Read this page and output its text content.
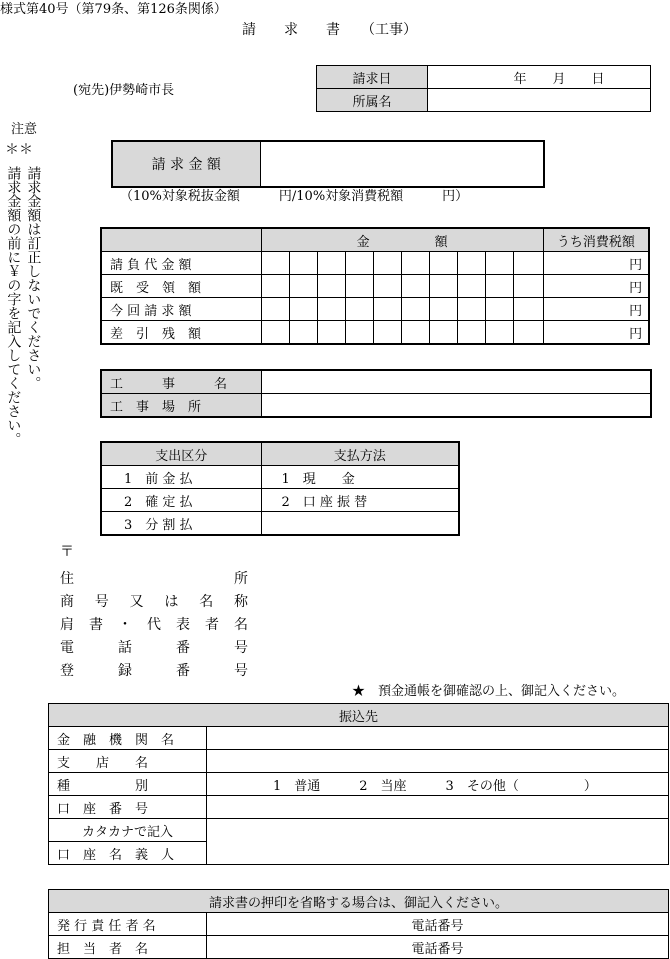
様式第40号（第79条、第126条関係）
請　　求　　書　　（工事）
(宛先)伊勢崎市長
請求日	年　　月　　日
所属名	
注意
＊＊
請求金額は訂正しないでください。
請求金額の前に￥の字を記入してください。
請 求 金 額	
（10%対象税抜金額　　　円/10%対象消費税額　　　円）
	金　　　　　額										うち消費税額
請 負 代 金 額											円
既　受　領　額											円
今 回 請 求 額											円
差　引　残　額											円
工　　　事　　　名	
工　事　場　所	
支出区分	支払方法
1　前 金 払	1　現　　金
2　確 定 払	2　口 座 振 替
3　分 割 払	
〒
住	所
商 号 又 は 名 称
肩 書 ・ 代 表 者 名
電	話	番	号
登	録	番	号
★　預金通帳を御確認の上、御記入ください。
振込先	
金　融　機　関　名	
支　　店　　名	
種　　　　　別	1　普通　　　2　当座　　　3　その他（　　　　　）
口　座　番　号	
カタカナで記入	
口　座　名　義　人	
請求書の押印を省略する場合は、御記入ください。	
発 行 責 任 者 名	電話番号
担　当　者　名	電話番号
